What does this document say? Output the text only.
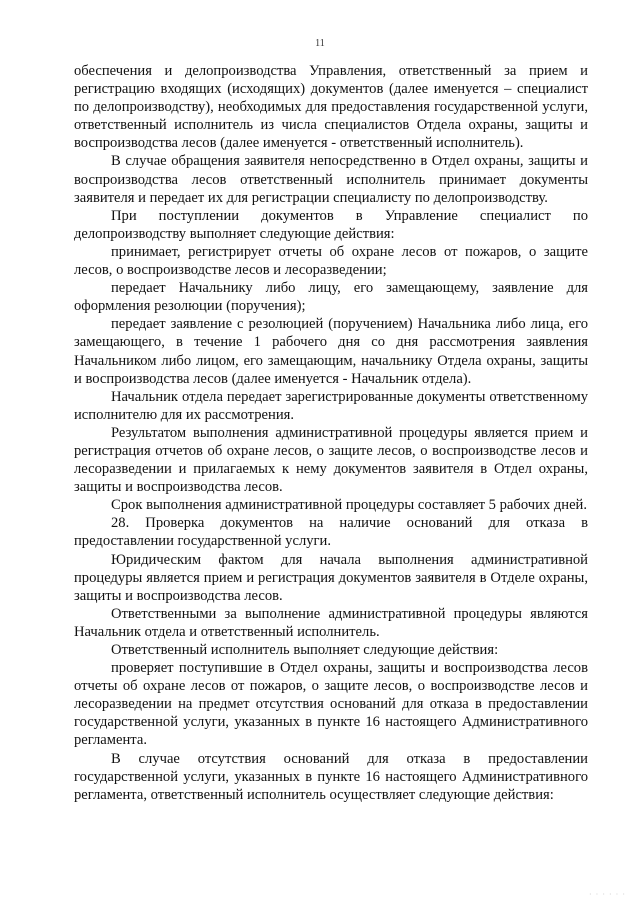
11

обеспечения и делопроизводства Управления, ответственный за прием и регистрацию входящих (исходящих) документов (далее именуется – специалист по делопроизводству), необходимых для предоставления государственной услуги, ответственный исполнитель из числа специалистов Отдела охраны, защиты и воспроизводства лесов (далее именуется - ответственный исполнитель).

В случае обращения заявителя непосредственно в Отдел охраны, защиты и воспроизводства лесов ответственный исполнитель принимает документы заявителя и передает их для регистрации специалисту по делопроизводству.

При поступлении документов в Управление специалист по делопроизводству выполняет следующие действия:

принимает, регистрирует отчеты об охране лесов от пожаров, о защите лесов, о воспроизводстве лесов и лесоразведении;

передает Начальнику либо лицу, его замещающему, заявление для оформления резолюции (поручения);

передает заявление с резолюцией (поручением) Начальника либо лица, его замещающего, в течение 1 рабочего дня со дня рассмотрения заявления Начальником либо лицом, его замещающим, начальнику Отдела охраны, защиты и воспроизводства лесов (далее именуется - Начальник отдела).

Начальник отдела передает зарегистрированные документы ответственному исполнителю для их рассмотрения.

Результатом выполнения административной процедуры является прием и регистрация отчетов об охране лесов, о защите лесов, о воспроизводстве лесов и лесоразведении и прилагаемых к нему документов заявителя в Отдел охраны, защиты и воспроизводства лесов.

Срок выполнения административной процедуры составляет 5 рабочих дней.

28. Проверка документов на наличие оснований для отказа в предоставлении государственной услуги.

Юридическим фактом для начала выполнения административной процедуры является прием и регистрация документов заявителя в Отделе охраны, защиты и воспроизводства лесов.

Ответственными за выполнение административной процедуры являются Начальник отдела и ответственный исполнитель.

Ответственный исполнитель выполняет следующие действия:

проверяет поступившие в Отдел охраны, защиты и воспроизводства лесов отчеты об охране лесов от пожаров, о защите лесов, о воспроизводстве лесов и лесоразведении на предмет отсутствия оснований для отказа в предоставлении государственной услуги, указанных в пункте 16 настоящего Административного регламента.

В случае отсутствия оснований для отказа в предоставлении государственной услуги, указанных в пункте 16 настоящего Административного регламента, ответственный исполнитель осуществляет следующие действия:

· · · · · ·
